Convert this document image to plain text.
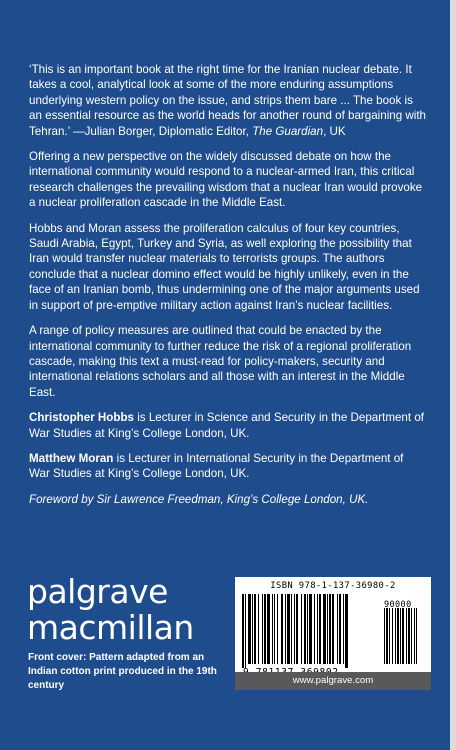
‘This is an important book at the right time for the Iranian nuclear debate. It takes a cool, analytical look at some of the more enduring assumptions underlying western policy on the issue, and strips them bare ... The book is an essential resource as the world heads for another round of bargaining with Tehran.’ —Julian Borger, Diplomatic Editor, The Guardian, UK

Offering a new perspective on the widely discussed debate on how the international community would respond to a nuclear-armed Iran, this critical research challenges the prevailing wisdom that a nuclear Iran would provoke a nuclear proliferation cascade in the Middle East.

Hobbs and Moran assess the proliferation calculus of four key countries, Saudi Arabia, Egypt, Turkey and Syria, as well exploring the possibility that Iran would transfer nuclear materials to terrorists groups. The authors conclude that a nuclear domino effect would be highly unlikely, even in the face of an Iranian bomb, thus undermining one of the major arguments used in support of pre-emptive military action against Iran’s nuclear facilities.

A range of policy measures are outlined that could be enacted by the international community to further reduce the risk of a regional proliferation cascade, making this text a must-read for policy-makers, security and international relations scholars and all those with an interest in the Middle East.

Christopher Hobbs is Lecturer in Science and Security in the Department of War Studies at King’s College London, UK.

Matthew Moran is Lecturer in International Security in the Department of War Studies at King’s College London, UK.

Foreword by Sir Lawrence Freedman, King’s College London, UK.

palgrave
macmillan
Front cover: Pattern adapted from an Indian cotton print produced in the 19th century
ISBN 978-1-137-36980-2
90000
www.palgrave.com
